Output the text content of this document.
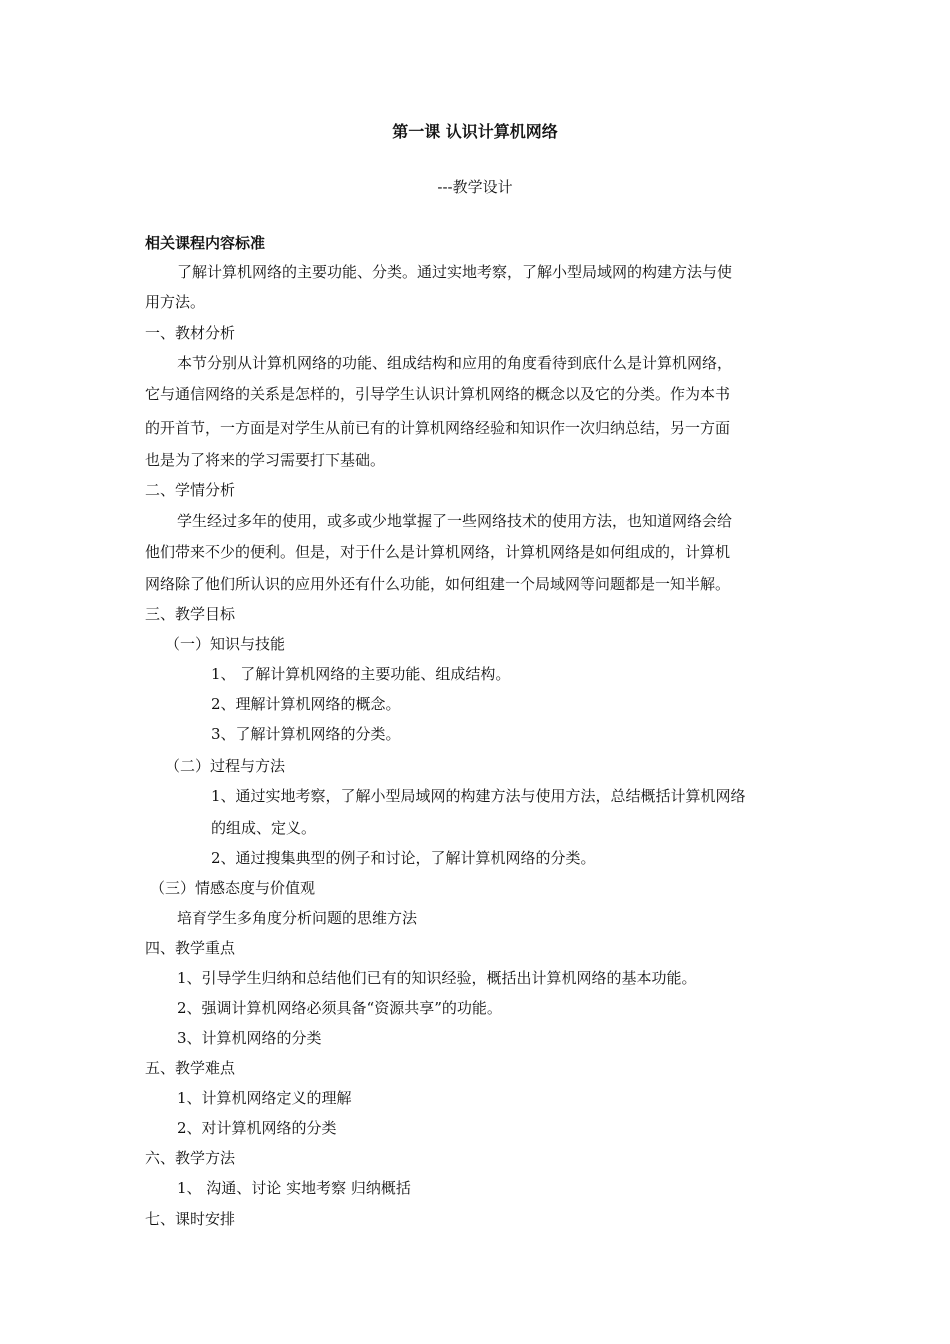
第一课 认识计算机网络
---教学设计
相关课程内容标准
了解计算机网络的主要功能、分类。通过实地考察，了解小型局域网的构建方法与使
用方法。
一、教材分析
本节分别从计算机网络的功能、组成结构和应用的角度看待到底什么是计算机网络，
它与通信网络的关系是怎样的，引导学生认识计算机网络的概念以及它的分类。作为本书
的开首节，一方面是对学生从前已有的计算机网络经验和知识作一次归纳总结，另一方面
也是为了将来的学习需要打下基础。
二、学情分析
学生经过多年的使用，或多或少地掌握了一些网络技术的使用方法，也知道网络会给
他们带来不少的便利。但是，对于什么是计算机网络，计算机网络是如何组成的，计算机
网络除了他们所认识的应用外还有什么功能，如何组建一个局域网等问题都是一知半解。
三、教学目标
（一）知识与技能
1、 了解计算机网络的主要功能、组成结构。
2、理解计算机网络的概念。
3、了解计算机网络的分类。
（二）过程与方法
1、通过实地考察，了解小型局域网的构建方法与使用方法，总结概括计算机网络
的组成、定义。
2、通过搜集典型的例子和讨论，了解计算机网络的分类。
（三）情感态度与价值观
培育学生多角度分析问题的思维方法
四、教学重点
1、引导学生归纳和总结他们已有的知识经验，概括出计算机网络的基本功能。
2、强调计算机网络必须具备“资源共享”的功能。
3、计算机网络的分类
五、教学难点
1、计算机网络定义的理解
2、对计算机网络的分类
六、教学方法
1、 沟通、讨论 实地考察 归纳概括
七、课时安排
